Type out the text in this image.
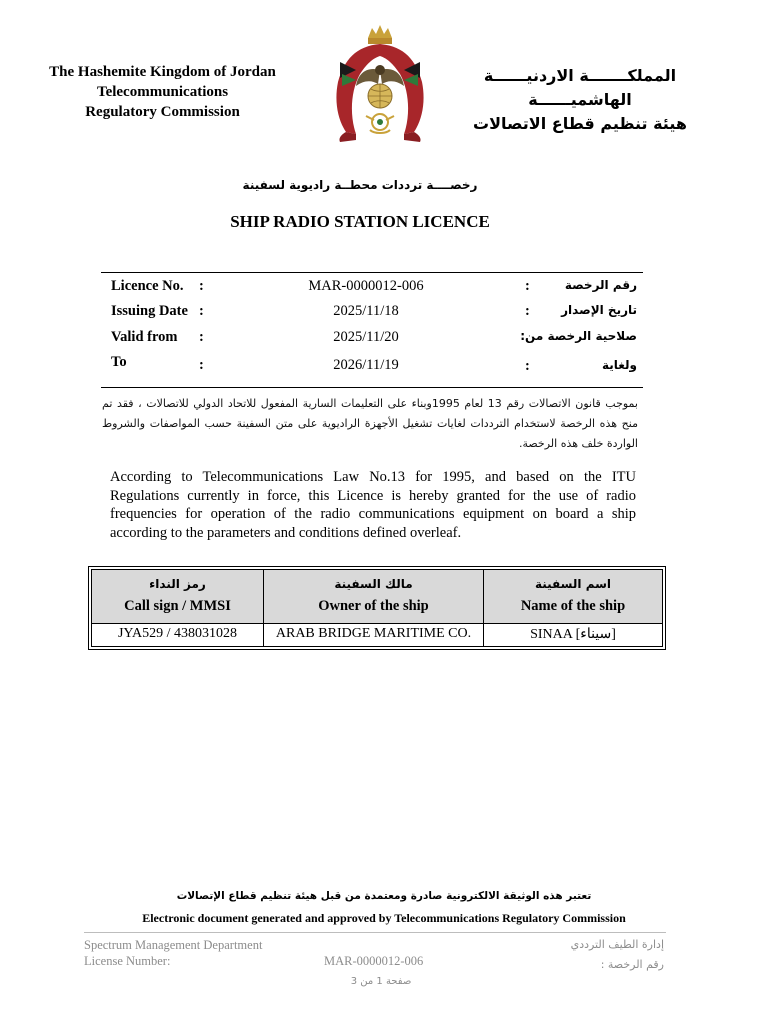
The Hashemite Kingdom of Jordan
Telecommunications
Regulatory Commission
المملكـــــــة الاردنيــــــة الهاشميــــــة
هيئة تنظيم قطاع الاتصالات
رخصــــة ترددات محطــة راديوية لسفينة
SHIP RADIO STATION LICENCE
Licence No. :	MAR-0000012-006	:	رقم الرخصة
Issuing Date :	2025/11/18	:	تاريخ الإصدار
Valid from :	2025/11/20	صلاحية الرخصة من:
To	:	2026/11/19	:	ولغاية
بموجب قانون الاتصالات رقم 13 لعام 1995وبناء على التعليمات السارية المفعول للاتحاد الدولي للاتصالات ، فقد تم منح هذه الرخصة لاستخدام الترددات لغايات تشغيل الأجهزة الراديوية على متن السفينة حسب المواصفات والشروط الواردة خلف هذه الرخصة.
According to Telecommunications Law No.13 for 1995, and based on the ITU Regulations currently in force, this Licence is hereby granted for the use of radio frequencies for operation of the radio communications equipment on board a ship according to the parameters and conditions defined overleaf.
رمز النداء
Call sign / MMSI
مالك السفينة
Owner of the ship
اسم السفينة
Name of the ship
JYA529 / 438031028	ARAB BRIDGE MARITIME CO.	SINAA [سيناء]
تعتبر هذه الوثيقة الالكترونية صادرة ومعتمدة من قبل هيئة تنظيم قطاع الإتصالات
Electronic document generated and approved by Telecommunications Regulatory Commission
Spectrum Management Department
License Number:	MAR-0000012-006
إدارة الطيف الترددي
رقم الرخصة :
صفحة 1 من 3
